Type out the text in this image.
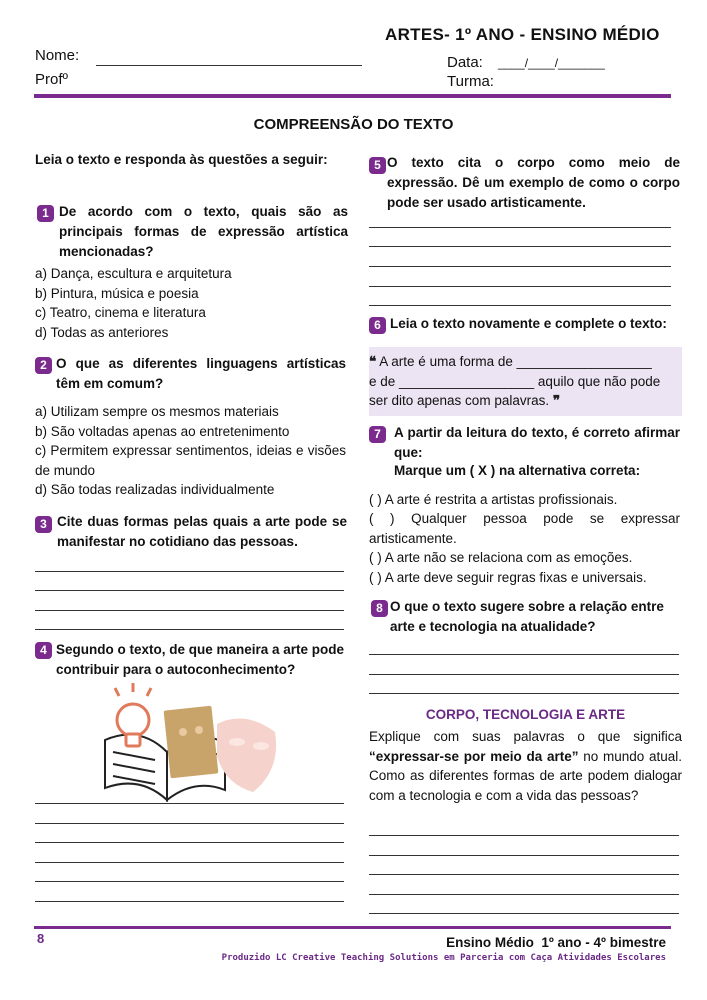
ARTES- 1º ANO - ENSINO MÉDIO
Nome:
Profº
Data: ____/____/_______
Turma:
COMPREENSÃO DO TEXTO
Leia o texto e responda às questões a seguir:
1 De acordo com o texto, quais são as principais formas de expressão artística mencionadas?
a) Dança, escultura e arquitetura
b) Pintura, música e poesia
c) Teatro, cinema e literatura
d) Todas as anteriores
2 O que as diferentes linguagens artísticas têm em comum?
a) Utilizam sempre os mesmos materiais
b) São voltadas apenas ao entretenimento
c) Permitem expressar sentimentos, ideias e visões de mundo
d) São todas realizadas individualmente
3 Cite duas formas pelas quais a arte pode se manifestar no cotidiano das pessoas.
4 Segundo o texto, de que maneira a arte pode contribuir para o autoconhecimento?
5 O texto cita o corpo como meio de expressão. Dê um exemplo de como o corpo pode ser usado artisticamente.
6 Leia o texto novamente e complete o texto:
❝ A arte é uma forma de __________________
e de __________________ aquilo que não pode
ser dito apenas com palavras. ❞
7 A partir da leitura do texto, é correto afirmar que:
Marque um ( X ) na alternativa correta:
( ) A arte é restrita a artistas profissionais.
( ) Qualquer pessoa pode se expressar artisticamente.
( ) A arte não se relaciona com as emoções.
( ) A arte deve seguir regras fixas e universais.
8 O que o texto sugere sobre a relação entre arte e tecnologia na atualidade?
CORPO, TECNOLOGIA E ARTE
Explique com suas palavras o que significa “expressar-se por meio da arte” no mundo atual. Como as diferentes formas de arte podem dialogar com a tecnologia e com a vida das pessoas?
8	Ensino Médio  1º ano - 4º bimestre
Produzido LC Creative Teaching Solutions em Parceria com Caça Atividades Escolares
